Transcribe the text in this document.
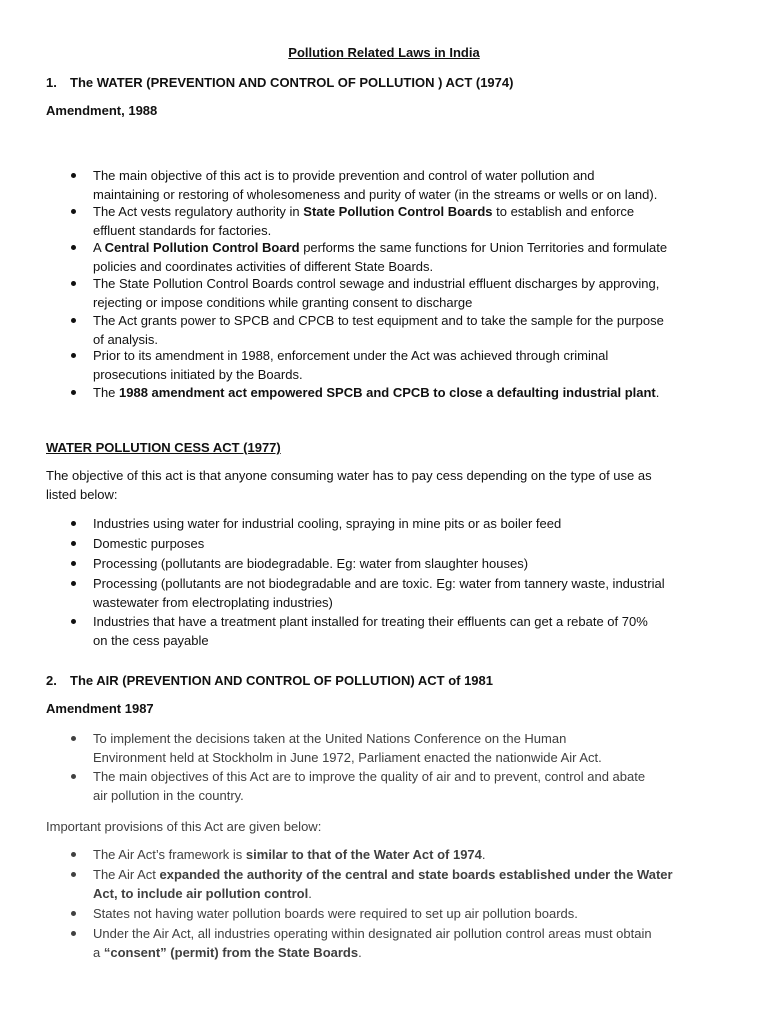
Pollution Related Laws in India
1. The WATER (PREVENTION AND CONTROL OF POLLUTION ) ACT (1974)
Amendment, 1988
The main objective of this act is to provide prevention and control of water pollution and
maintaining or restoring of wholesomeness and purity of water (in the streams or wells or on land).
The Act vests regulatory authority in State Pollution Control Boards to establish and enforce
effluent standards for factories.
A Central Pollution Control Board performs the same functions for Union Territories and formulate
policies and coordinates activities of different State Boards.
The State Pollution Control Boards control sewage and industrial effluent discharges by approving,
rejecting or impose conditions while granting consent to discharge
The Act grants power to SPCB and CPCB to test equipment and to take the sample for the purpose
of analysis.
Prior to its amendment in 1988, enforcement under the Act was achieved through criminal
prosecutions initiated by the Boards.
The 1988 amendment act empowered SPCB and CPCB to close a defaulting industrial plant.
WATER POLLUTION CESS ACT (1977)
The objective of this act is that anyone consuming water has to pay cess depending on the type of use as
listed below:
Industries using water for industrial cooling, spraying in mine pits or as boiler feed
Domestic purposes
Processing (pollutants are biodegradable. Eg: water from slaughter houses)
Processing (pollutants are not biodegradable and are toxic. Eg: water from tannery waste, industrial
wastewater from electroplating industries)
Industries that have a treatment plant installed for treating their effluents can get a rebate of 70%
on the cess payable
2. The AIR (PREVENTION AND CONTROL OF POLLUTION) ACT of 1981
Amendment 1987
To implement the decisions taken at the United Nations Conference on the Human
Environment held at Stockholm in June 1972, Parliament enacted the nationwide Air Act.
The main objectives of this Act are to improve the quality of air and to prevent, control and abate
air pollution in the country.
Important provisions of this Act are given below:
The Air Act’s framework is similar to that of the Water Act of 1974.
The Air Act expanded the authority of the central and state boards established under the Water
Act, to include air pollution control.
States not having water pollution boards were required to set up air pollution boards.
Under the Air Act, all industries operating within designated air pollution control areas must obtain
a “consent” (permit) from the State Boards.
